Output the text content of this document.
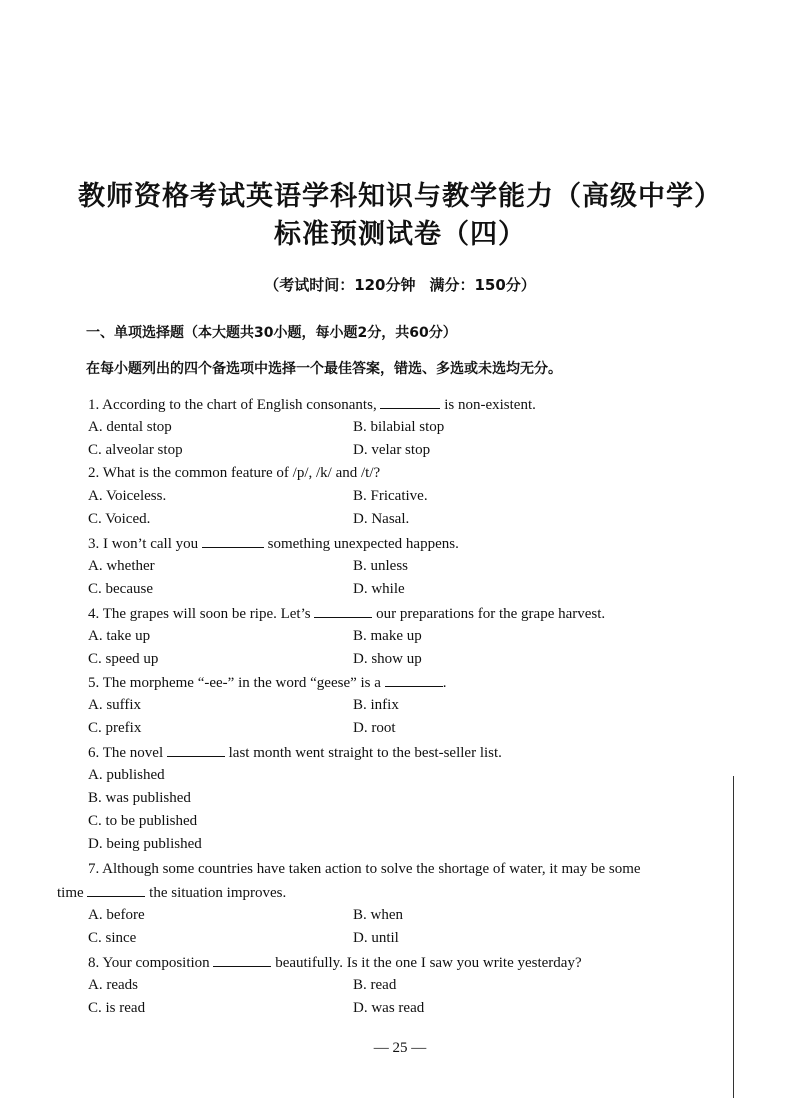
教师资格考试英语学科知识与教学能力（高级中学）
标准预测试卷（四）
（考试时间：120分钟 满分：150分）
一、单项选择题（本大题共30小题，每小题2分，共60分）
在每小题列出的四个备选项中选择一个最佳答案，错选、多选或未选均无分。
1. According to the chart of English consonants,	is non-existent.
A. dental stop	B. bilabial stop
C. alveolar stop	D. velar stop
2. What is the common feature of /p/, /k/ and /t/?
A. Voiceless.	B. Fricative.
C. Voiced.	D. Nasal.
3. I won’t call you	something unexpected happens.
A. whether	B. unless
C. because	D. while
4. The grapes will soon be ripe. Let’s	our preparations for the grape harvest.
A. take up	B. make up
C. speed up	D. show up
5. The morpheme “-ee-” in the word “geese” is a	.
A. suffix	B. infix
C. prefix	D. root
6. The novel	last month went straight to the best-seller list.
A. published
B. was published
C. to be published
D. being published
7. Although some countries have taken action to solve the shortage of water, it may be some
time	the situation improves.
A. before	B. when
C. since	D. until
8. Your composition	beautifully. Is it the one I saw you write yesterday?
A. reads	B. read
C. is read	D. was read
— 25 —
